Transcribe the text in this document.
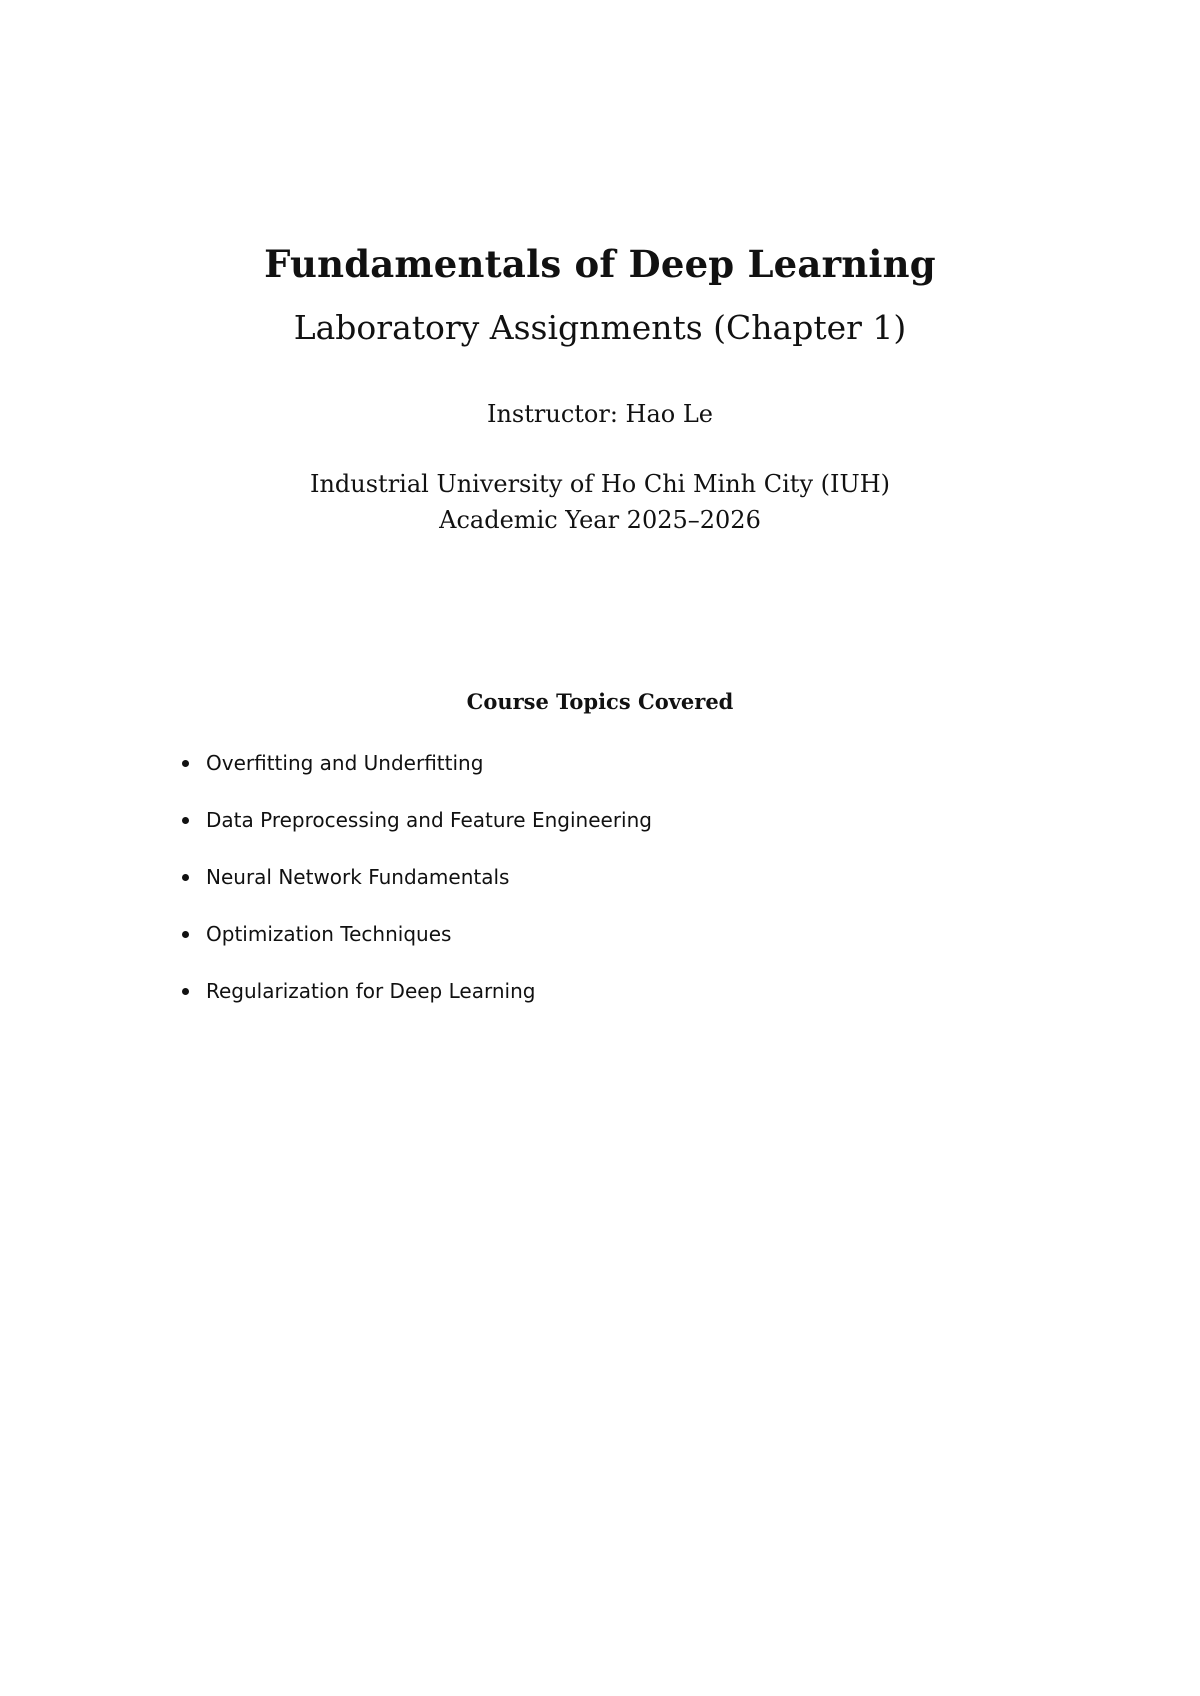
Fundamentals of Deep Learning
Laboratory Assignments (Chapter 1)
Instructor: Hao Le
Industrial University of Ho Chi Minh City (IUH)
Academic Year 2025–2026
Course Topics Covered
Overfitting and Underfitting
Data Preprocessing and Feature Engineering
Neural Network Fundamentals
Optimization Techniques
Regularization for Deep Learning
